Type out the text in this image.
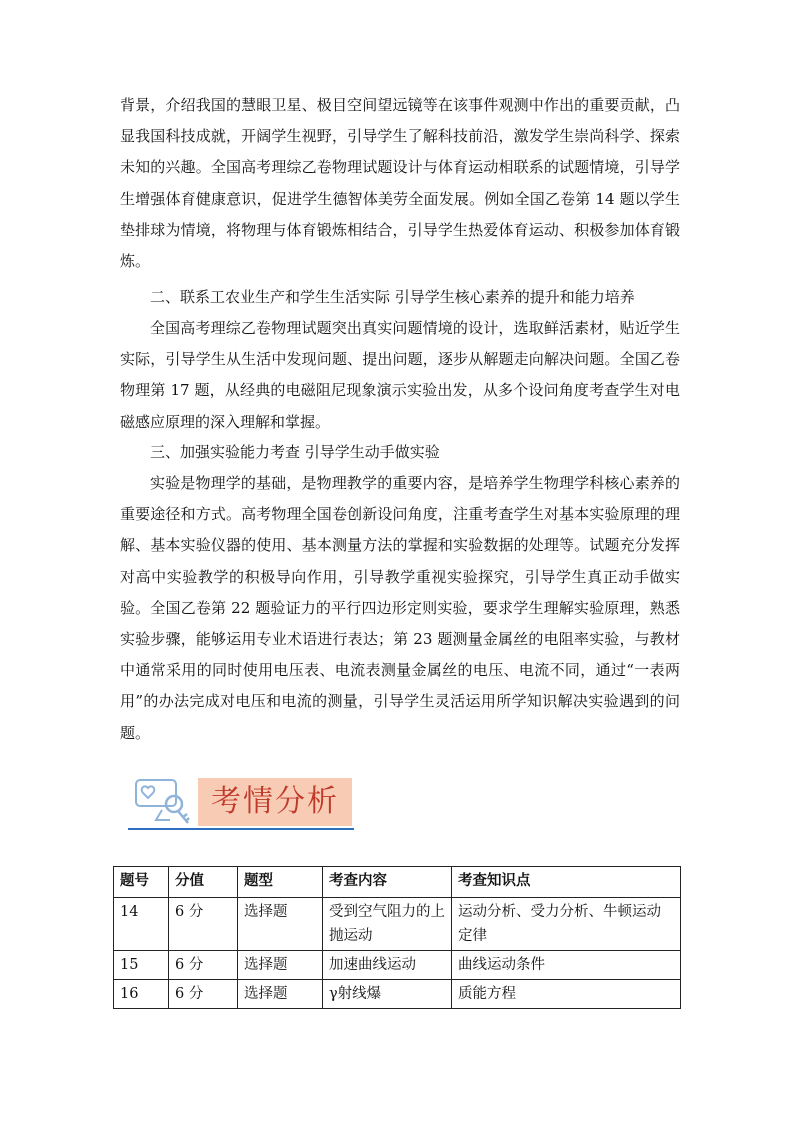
背景，介绍我国的慧眼卫星、极目空间望远镜等在该事件观测中作出的重要贡献，凸显我国科技成就，开阔学生视野，引导学生了解科技前沿，激发学生崇尚科学、探索未知的兴趣。全国高考理综乙卷物理试题设计与体育运动相联系的试题情境，引导学生增强体育健康意识，促进学生德智体美劳全面发展。例如全国乙卷第 14 题以学生垫排球为情境，将物理与体育锻炼相结合，引导学生热爱体育运动、积极参加体育锻炼。
二、联系工农业生产和学生生活实际 引导学生核心素养的提升和能力培养
全国高考理综乙卷物理试题突出真实问题情境的设计，选取鲜活素材，贴近学生实际，引导学生从生活中发现问题、提出问题，逐步从解题走向解决问题。全国乙卷物理第 17 题，从经典的电磁阻尼现象演示实验出发，从多个设问角度考查学生对电磁感应原理的深入理解和掌握。
三、加强实验能力考查 引导学生动手做实验
实验是物理学的基础，是物理教学的重要内容，是培养学生物理学科核心素养的重要途径和方式。高考物理全国卷创新设问角度，注重考查学生对基本实验原理的理解、基本实验仪器的使用、基本测量方法的掌握和实验数据的处理等。试题充分发挥对高中实验教学的积极导向作用，引导教学重视实验探究，引导学生真正动手做实验。全国乙卷第 22 题验证力的平行四边形定则实验，要求学生理解实验原理，熟悉实验步骤，能够运用专业术语进行表达；第 23 题测量金属丝的电阻率实验，与教材中通常采用的同时使用电压表、电流表测量金属丝的电压、电流不同，通过“一表两用”的办法完成对电压和电流的测量，引导学生灵活运用所学知识解决实验遇到的问题。
考情分析
题号	分值	题型	考查内容	考查知识点
14	6 分	选择题	受到空气阻力的上抛运动	运动分析、受力分析、牛顿运动定律
15	6 分	选择题	加速曲线运动	曲线运动条件
16	6 分	选择题	γ射线爆	质能方程
